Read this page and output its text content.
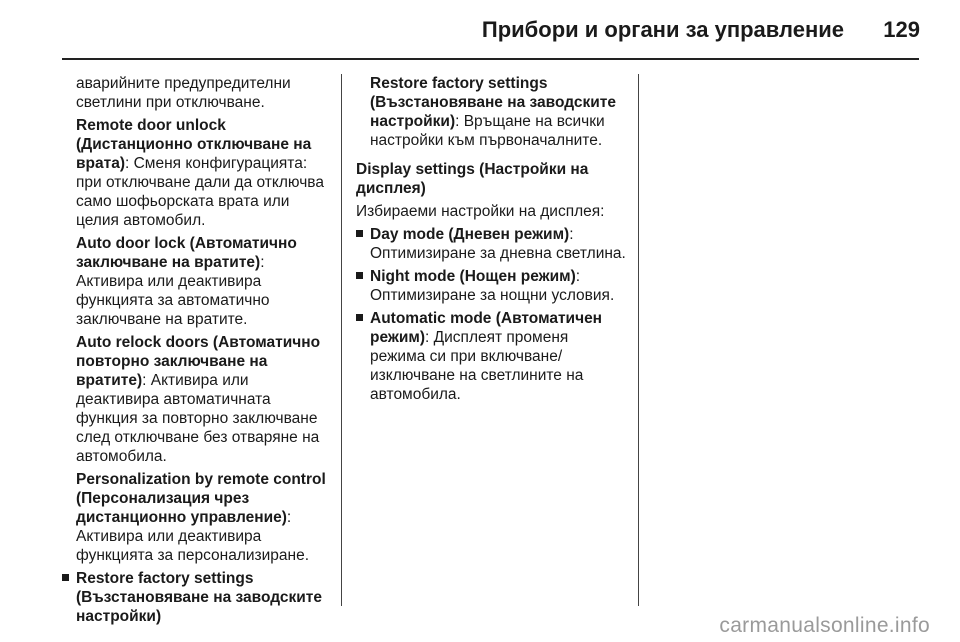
Прибори и органи за управление 129

аварийните предупредителни светлини при отключване.

Remote door unlock (Дистанционно отключване на врата): Сменя конфигурацията: при отключване дали да отключва само шофьорската врата или целия автомобил.

Auto door lock (Автоматично заключване на вратите): Активира или деактивира функцията за автоматично заключване на вратите.

Auto relock doors (Автоматично повторно заключване на вратите): Активира или деактивира автоматичната функция за повторно заключване след отключване без отваряне на автомобила.

Personalization by remote control (Персонализация чрез дистанционно управление): Активира или деактивира функцията за персонализиране.

Restore factory settings (Възстановяване на заводските настройки)

Restore factory settings (Възстановяване на заводските настройки): Връщане на всички настройки към първоначалните.

Display settings (Настройки на дисплея)

Избираеми настройки на дисплея:

Day mode (Дневен режим): Оптимизиране за дневна светлина.
Night mode (Нощен режим): Оптимизиране за нощни условия.
Automatic mode (Автоматичен режим): Дисплеят променя режима си при включване/изключване на светлините на автомобила.
carmanualsonline.info
